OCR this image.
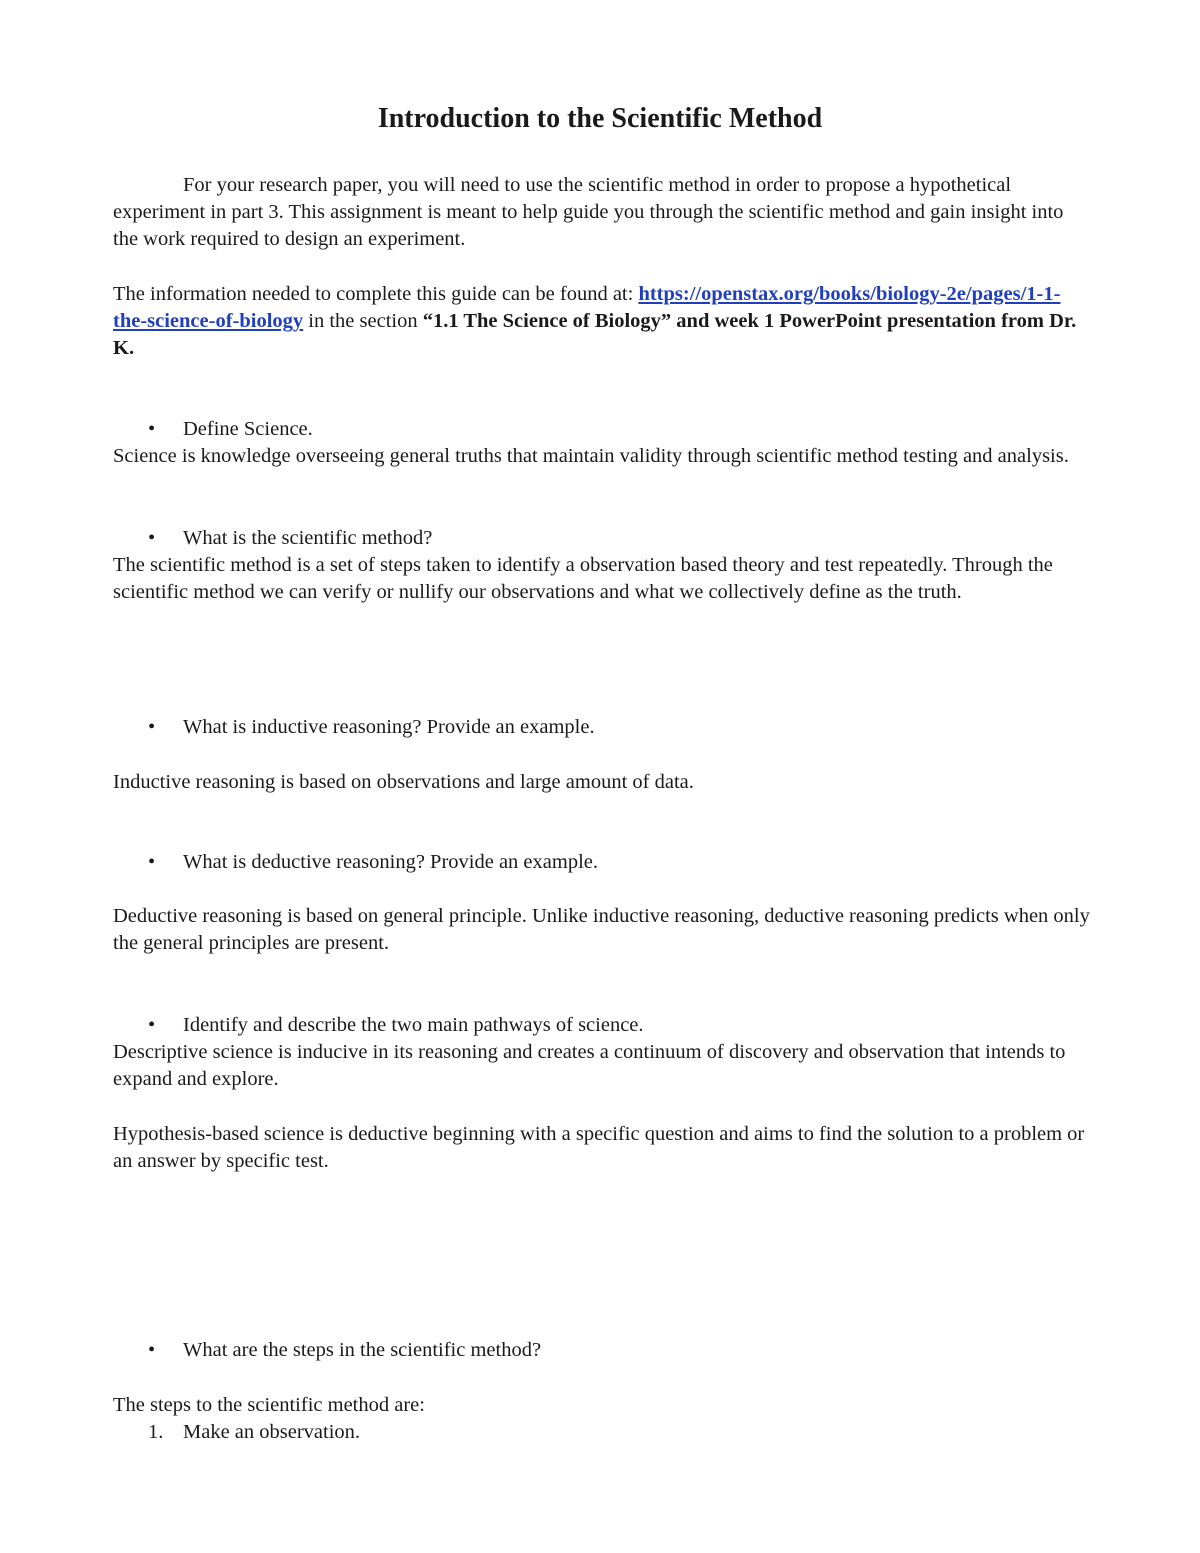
Introduction to the Scientific Method

For your research paper, you will need to use the scientific method in order to propose a hypothetical experiment in part 3. This assignment is meant to help guide you through the scientific method and gain insight into the work required to design an experiment.

The information needed to complete this guide can be found at: https://openstax.org/books/biology-2e/pages/1-1-the-science-of-biology in the section “1.1 The Science of Biology” and week 1 PowerPoint presentation from Dr. K.

• Define Science.

Science is knowledge overseeing general truths that maintain validity through scientific method testing and analysis.

• What is the scientific method?

The scientific method is a set of steps taken to identify a observation based theory and test repeatedly. Through the scientific method we can verify or nullify our observations and what we collectively define as the truth.

• What is inductive reasoning? Provide an example.

Inductive reasoning is based on observations and large amount of data.

• What is deductive reasoning? Provide an example.

Deductive reasoning is based on general principle. Unlike inductive reasoning, deductive reasoning predicts when only the general principles are present.

• Identify and describe the two main pathways of science.

Descriptive science is inducive in its reasoning and creates a continuum of discovery and observation that intends to expand and explore.

Hypothesis-based science is deductive beginning with a specific question and aims to find the solution to a problem or an answer by specific test.

• What are the steps in the scientific method?

The steps to the scientific method are:

1. Make an observation.
